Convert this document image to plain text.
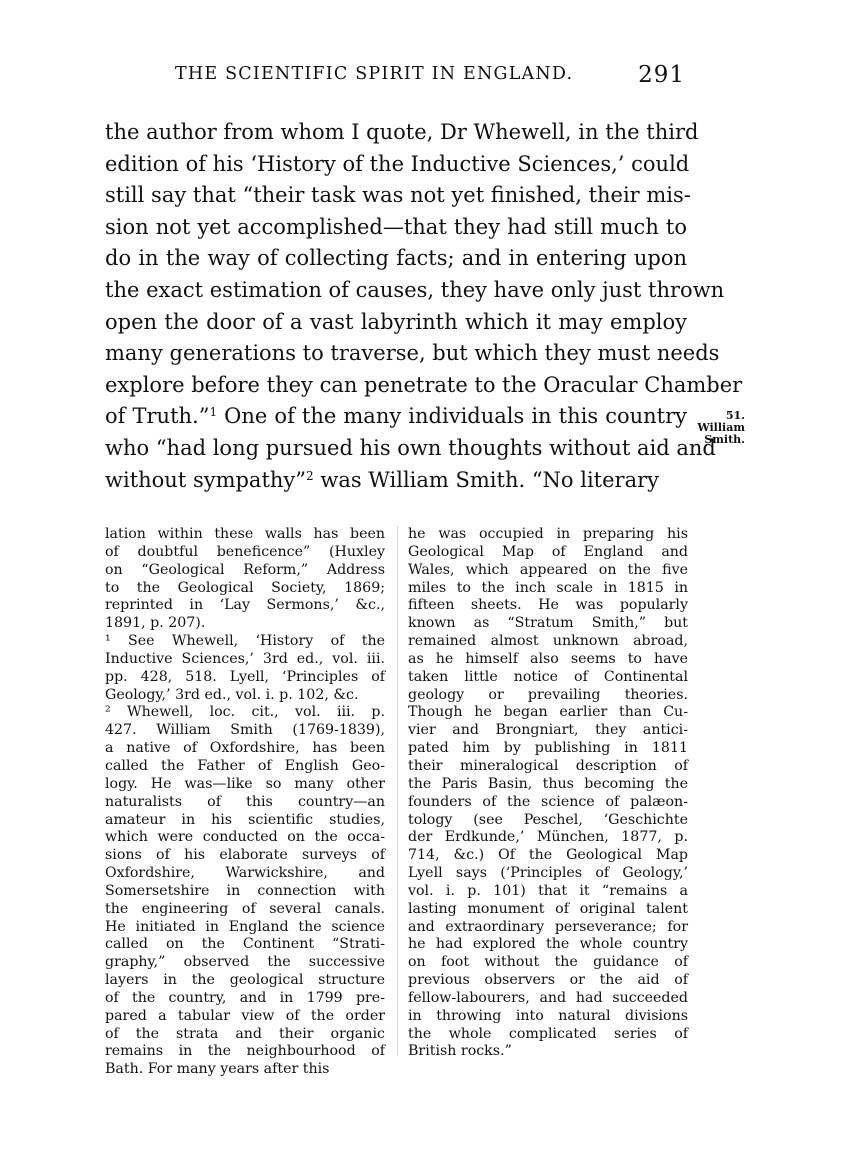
THE SCIENTIFIC SPIRIT IN ENGLAND.	291
the author from whom I quote, Dr Whewell, in the third
edition of his ‘History of the Inductive Sciences,’ could
still say that “their task was not yet finished, their mis-
sion not yet accomplished—that they had still much to
do in the way of collecting facts; and in entering upon
the exact estimation of causes, they have only just thrown
open the door of a vast labyrinth which it may employ
many generations to traverse, but which they must needs
explore before they can penetrate to the Oracular Chamber
of Truth.”$^1$ One of the many individuals in this country
who “had long pursued his own thoughts without aid and
without sympathy”$^2$ was William Smith. “No literary
51.
William
Smith.
lation within these walls has been
of doubtful beneficence” (Huxley
on “Geological Reform,” Address
to the Geological Society, 1869;
reprinted in ‘Lay Sermons,’ &c.,
1891, p. 207).
¹ See Whewell, ‘History of the
Inductive Sciences,’ 3rd ed., vol. iii.
pp. 428, 518. Lyell, ‘Principles of
Geology,’ 3rd ed., vol. i. p. 102, &c.
² Whewell, loc. cit., vol. iii. p.
427. William Smith (1769-1839),
a native of Oxfordshire, has been
called the Father of English Geo-
logy. He was—like so many other
naturalists of this country—an
amateur in his scientific studies,
which were conducted on the occa-
sions of his elaborate surveys of
Oxfordshire, Warwickshire, and
Somersetshire in connection with
the engineering of several canals.
He initiated in England the science
called on the Continent “Strati-
graphy,” observed the successive
layers in the geological structure
of the country, and in 1799 pre-
pared a tabular view of the order
of the strata and their organic
remains in the neighbourhood of
Bath. For many years after this
he was occupied in preparing his
Geological Map of England and
Wales, which appeared on the five
miles to the inch scale in 1815 in
fifteen sheets. He was popularly
known as “Stratum Smith,” but
remained almost unknown abroad,
as he himself also seems to have
taken little notice of Continental
geology or prevailing theories.
Though he began earlier than Cu-
vier and Brongniart, they antici-
pated him by publishing in 1811
their mineralogical description of
the Paris Basin, thus becoming the
founders of the science of palæon-
tology (see Peschel, ‘Geschichte
der Erdkunde,’ München, 1877, p.
714, &c.) Of the Geological Map
Lyell says (‘Principles of Geology,’
vol. i. p. 101) that it “remains a
lasting monument of original talent
and extraordinary perseverance; for
he had explored the whole country
on foot without the guidance of
previous observers or the aid of
fellow-labourers, and had succeeded
in throwing into natural divisions
the whole complicated series of
British rocks.”
